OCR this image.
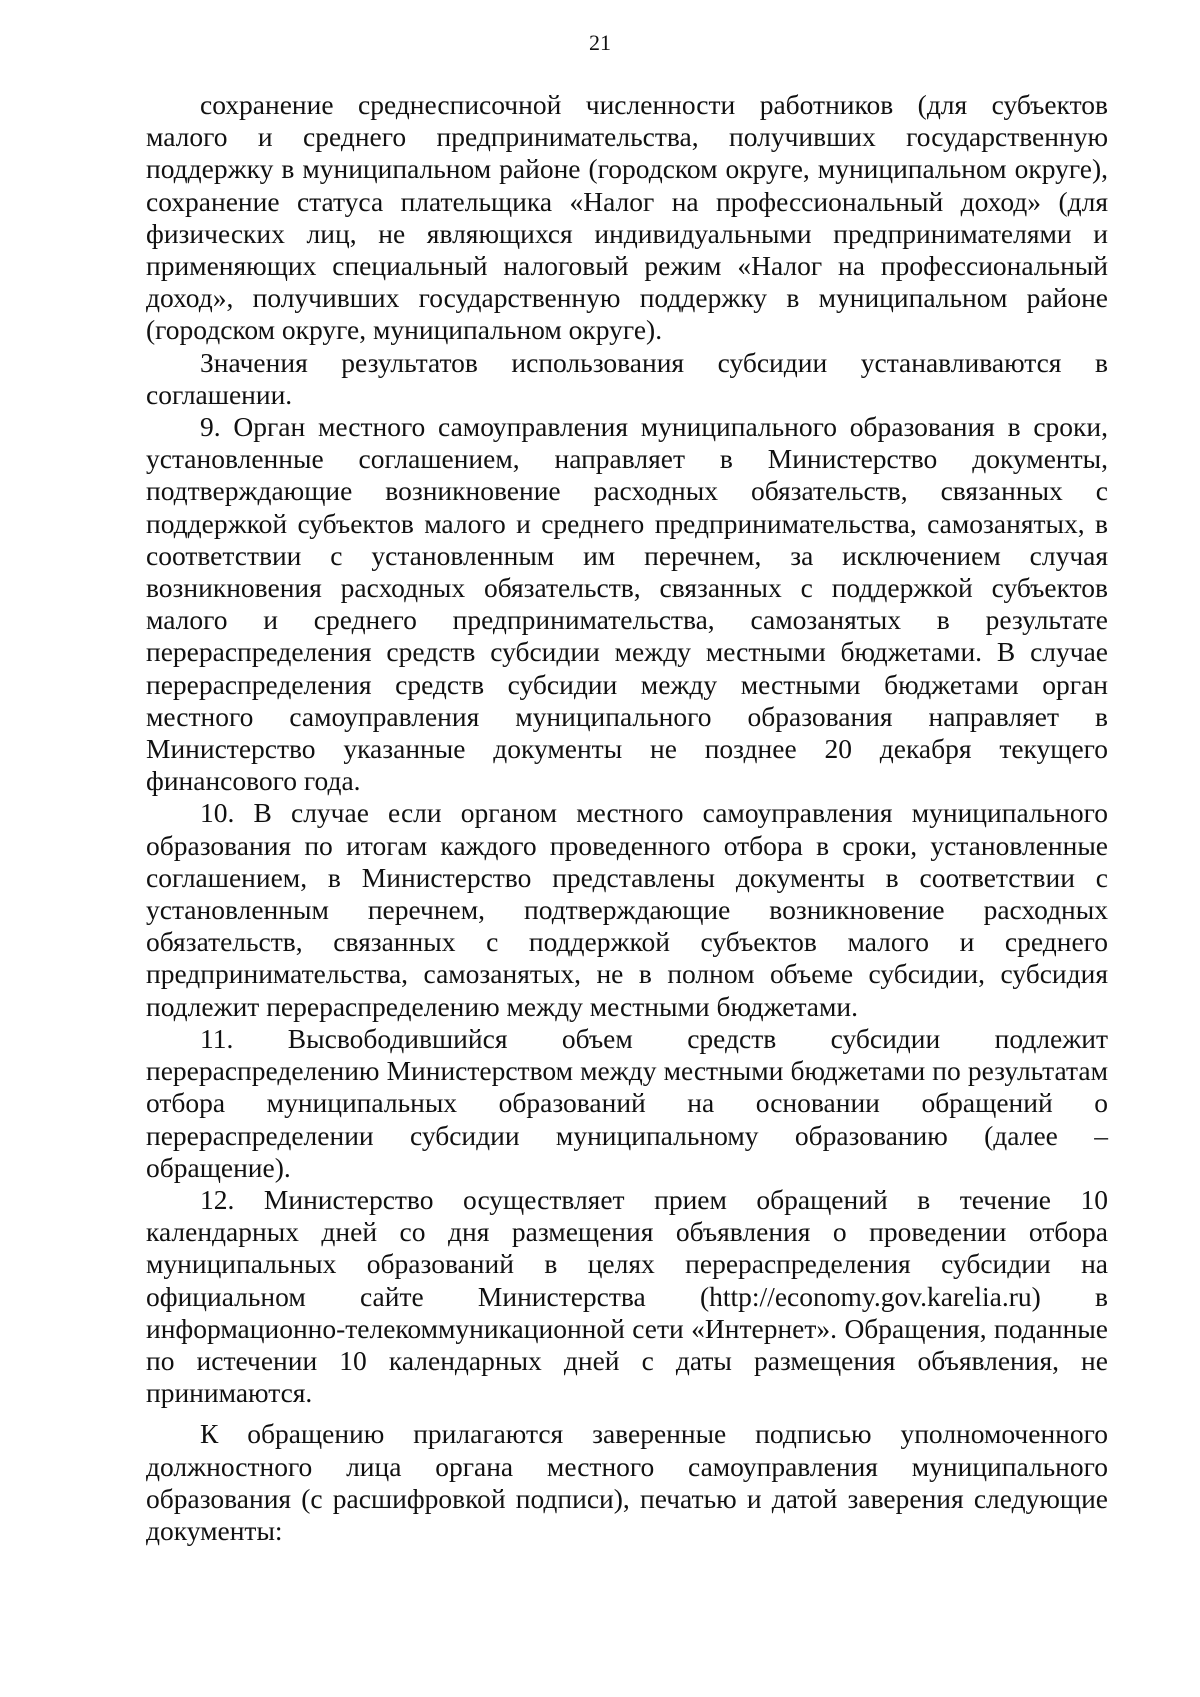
21

сохранение среднесписочной численности работников (для субъектов малого и среднего предпринимательства, получивших государственную поддержку в муниципальном районе (городском округе, муниципальном округе), сохранение статуса плательщика «Налог на профессиональный доход» (для физических лиц, не являющихся индивидуальными предпринимателями и применяющих специальный налоговый режим «Налог на профессиональный доход», получивших государственную поддержку в муниципальном районе (городском округе, муниципальном округе).

Значения результатов использования субсидии устанавливаются в соглашении.

9. Орган местного самоуправления муниципального образования в сроки, установленные соглашением, направляет в Министерство документы, подтверждающие возникновение расходных обязательств, связанных с поддержкой субъектов малого и среднего предпринимательства, самозанятых, в соответствии с установленным им перечнем, за исключением случая возникновения расходных обязательств, связанных с поддержкой субъектов малого и среднего предпринимательства, самозанятых в результате перераспределения средств субсидии между местными бюджетами. В случае перераспределения средств субсидии между местными бюджетами орган местного самоуправления муниципального образования направляет в Министерство указанные документы не позднее 20 декабря текущего финансового года.

10. В случае если органом местного самоуправления муниципального образования по итогам каждого проведенного отбора в сроки, установленные соглашением, в Министерство представлены документы в соответствии с установленным перечнем, подтверждающие возникновение расходных обязательств, связанных с поддержкой субъектов малого и среднего предпринимательства, самозанятых, не в полном объеме субсидии, субсидия подлежит перераспределению между местными бюджетами.

11. Высвободившийся объем средств субсидии подлежит перераспределению Министерством между местными бюджетами по результатам отбора муниципальных образований на основании обращений о перераспределении субсидии муниципальному образованию (далее – обращение).

12. Министерство осуществляет прием обращений в течение 10 календарных дней со дня размещения объявления о проведении отбора муниципальных образований в целях перераспределения субсидии на официальном сайте Министерства (http://economy.gov.karelia.ru) в информационно-телекоммуникационной сети «Интернет». Обращения, поданные по истечении 10 календарных дней с даты размещения объявления, не принимаются.

К обращению прилагаются заверенные подписью уполномоченного должностного лица органа местного самоуправления муниципального образования (с расшифровкой подписи), печатью и датой заверения следующие документы:
